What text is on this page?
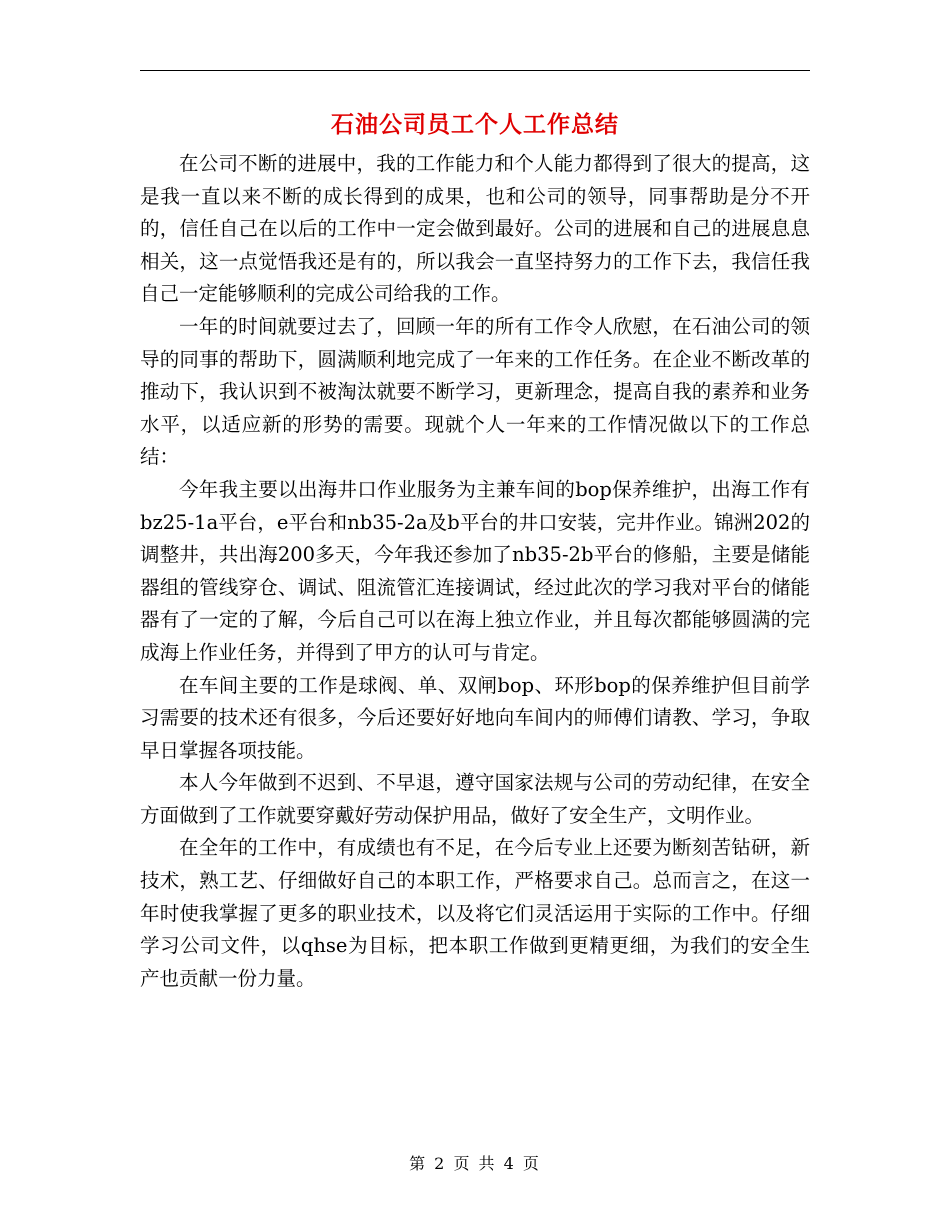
石油公司员工个人工作总结

在公司不断的进展中，我的工作能力和个人能力都得到了很大的提高，这是我一直以来不断的成长得到的成果，也和公司的领导，同事帮助是分不开的，信任自己在以后的工作中一定会做到最好。公司的进展和自己的进展息息相关，这一点觉悟我还是有的，所以我会一直坚持努力的工作下去，我信任我自己一定能够顺利的完成公司给我的工作。

一年的时间就要过去了，回顾一年的所有工作令人欣慰，在石油公司的领导的同事的帮助下，圆满顺利地完成了一年来的工作任务。在企业不断改革的推动下，我认识到不被淘汰就要不断学习，更新理念，提高自我的素养和业务水平，以适应新的形势的需要。现就个人一年来的工作情况做以下的工作总结：

今年我主要以出海井口作业服务为主兼车间的bop保养维护，出海工作有bz25-1a平台，e平台和nb35-2a及b平台的井口安装，完井作业。锦洲202的调整井，共出海200多天，今年我还参加了nb35-2b平台的修船，主要是储能器组的管线穿仓、调试、阻流管汇连接调试，经过此次的学习我对平台的储能器有了一定的了解，今后自己可以在海上独立作业，并且每次都能够圆满的完成海上作业任务，并得到了甲方的认可与肯定。

在车间主要的工作是球阀、单、双闸bop、环形bop的保养维护但目前学习需要的技术还有很多，今后还要好好地向车间内的师傅们请教、学习，争取早日掌握各项技能。

本人今年做到不迟到、不早退，遵守国家法规与公司的劳动纪律，在安全方面做到了工作就要穿戴好劳动保护用品，做好了安全生产，文明作业。

在全年的工作中，有成绩也有不足，在今后专业上还要为断刻苦钻研，新技术，熟工艺、仔细做好自己的本职工作，严格要求自己。总而言之，在这一年时使我掌握了更多的职业技术，以及将它们灵活运用于实际的工作中。仔细学习公司文件，以qhse为目标，把本职工作做到更精更细，为我们的安全生产也贡献一份力量。

第 2 页 共 4 页
